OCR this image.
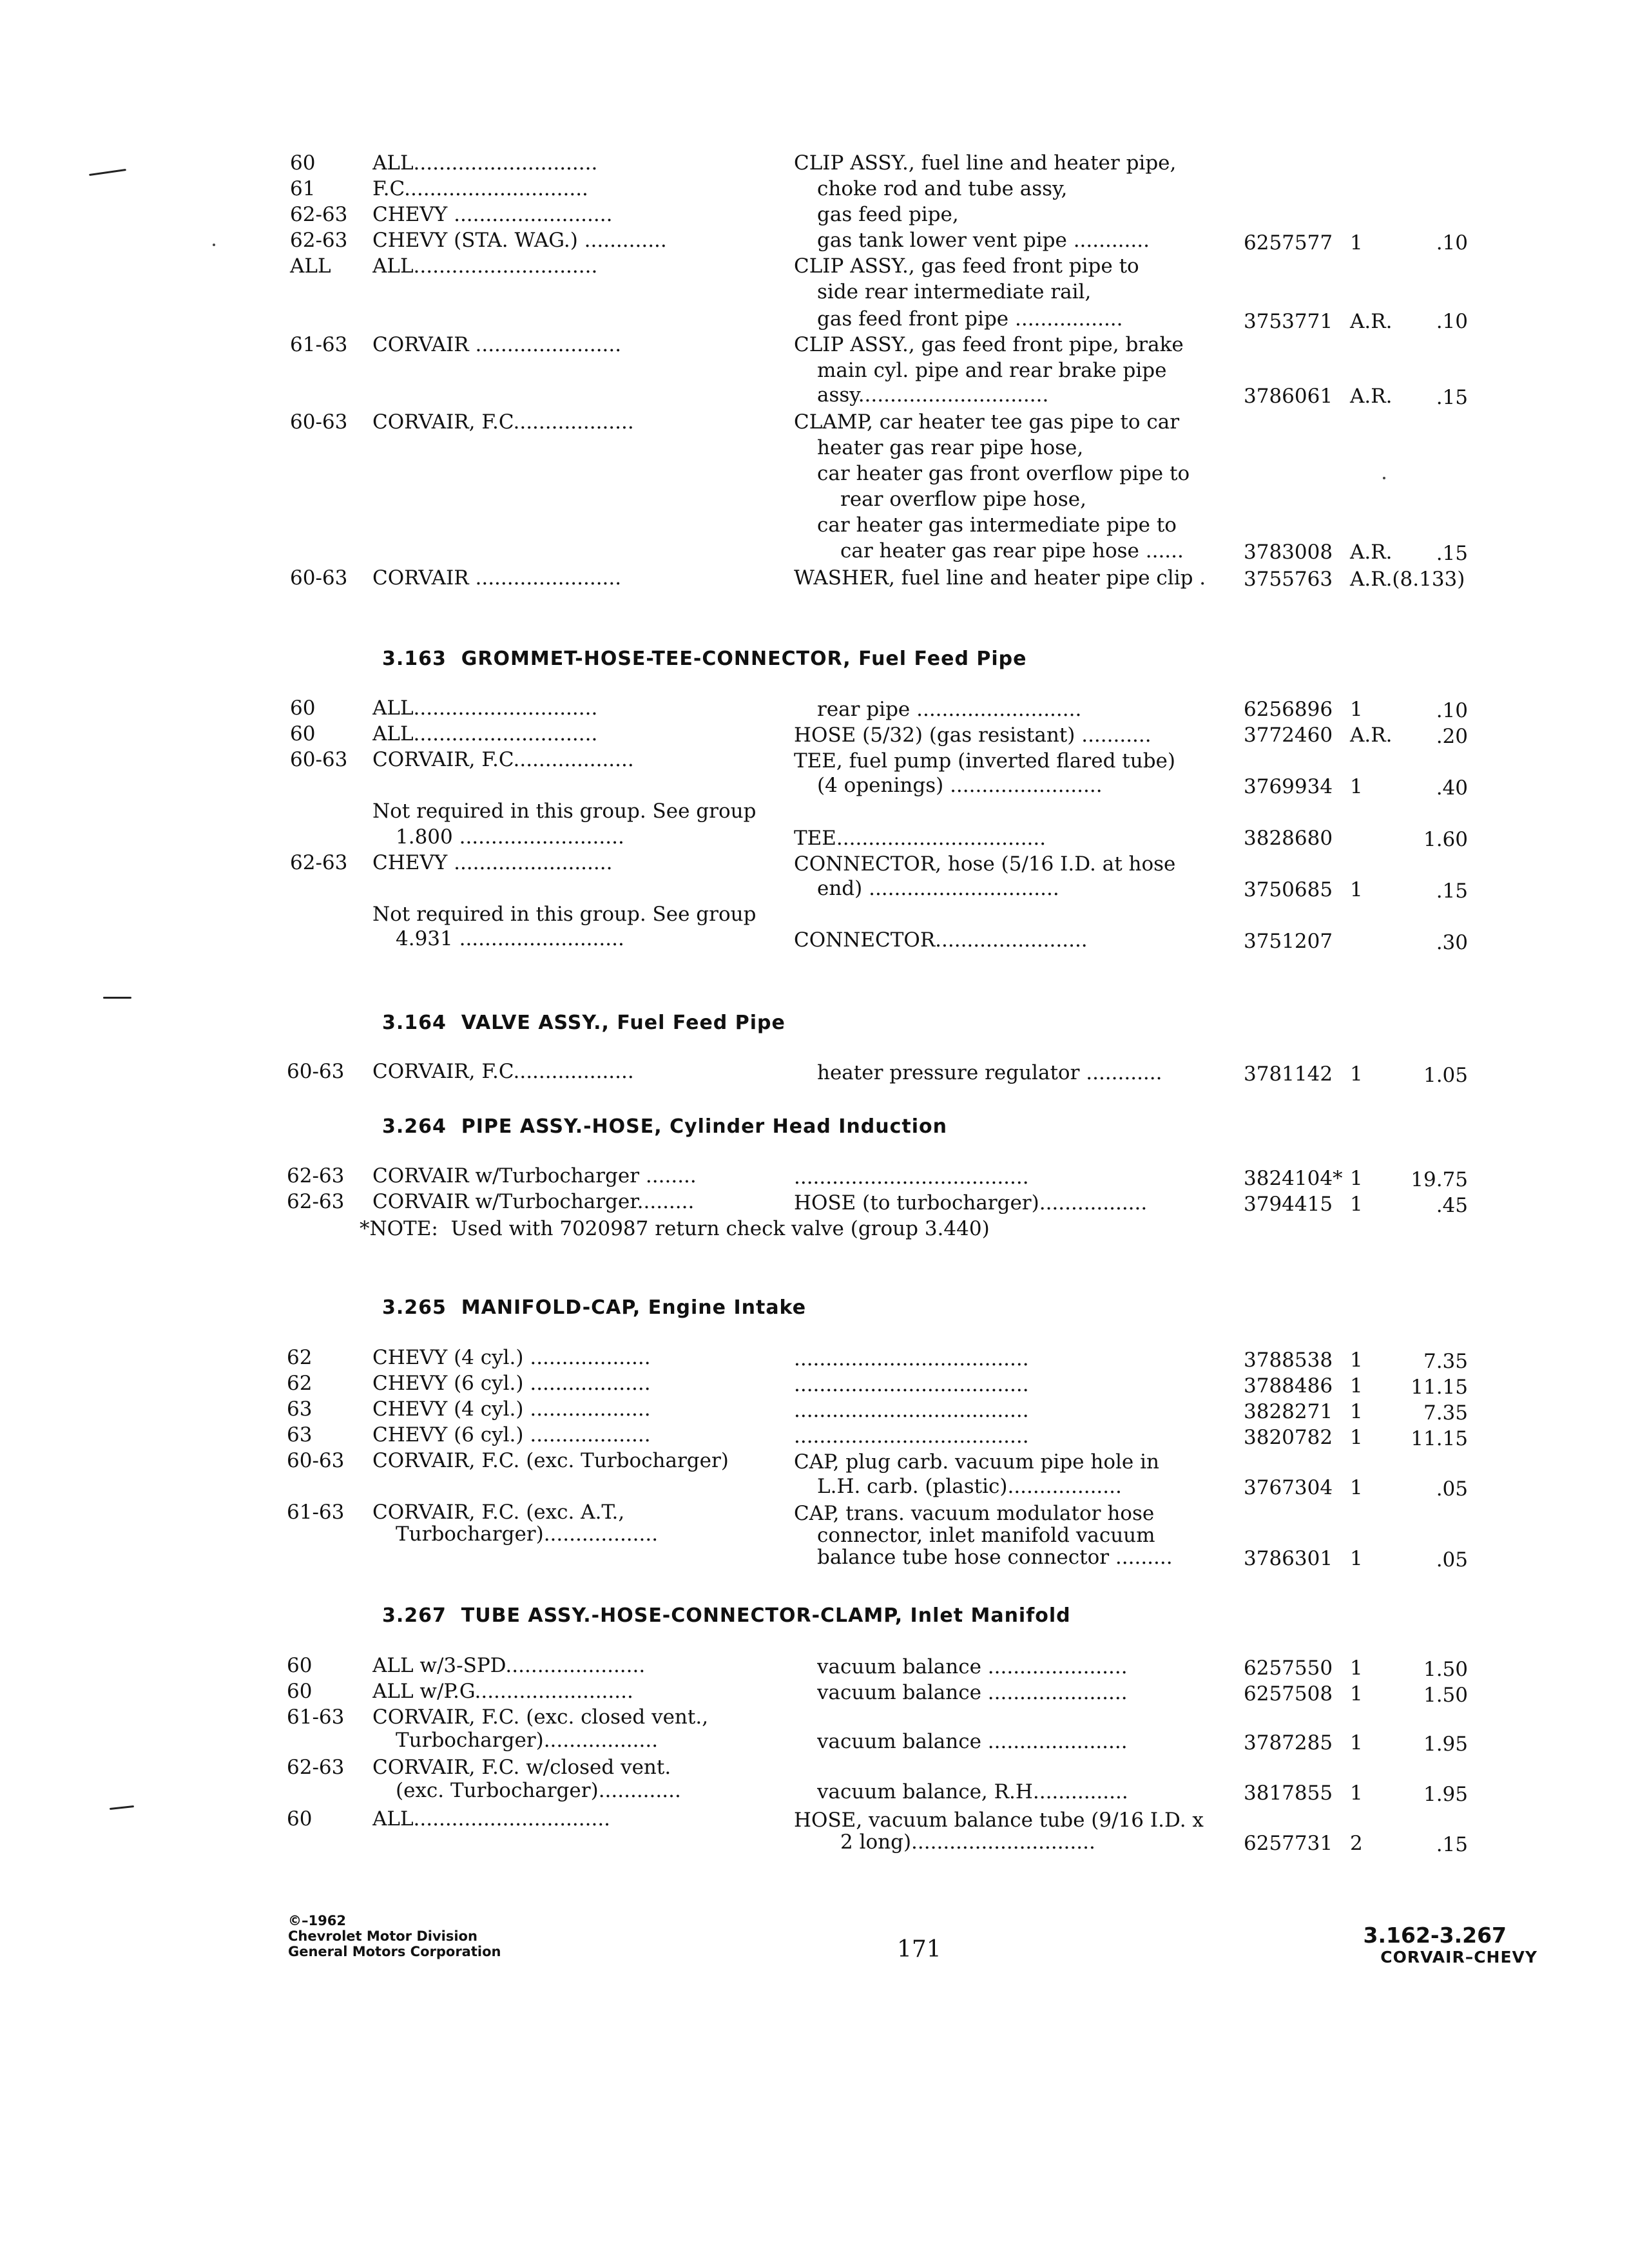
60	ALL.............................	CLIP ASSY., fuel line and heater pipe,
61	F.C.............................	choke rod and tube assy,
62-63 CHEVY .........................	gas feed pipe,
62-63 CHEVY (STA. WAG.) .............	gas tank lower vent pipe ............	6257577 1	.10
ALL ALL.............................	CLIP ASSY., gas feed front pipe to
side rear intermediate rail,
gas feed front pipe .................	3753771 A.R. .10
61-63 CORVAIR .......................	CLIP ASSY., gas feed front pipe, brake
main cyl. pipe and rear brake pipe
assy..............................	3786061 A.R. .15
60-63 CORVAIR, F.C...................	CLAMP, car heater tee gas pipe to car
heater gas rear pipe hose,
car heater gas front overflow pipe to
rear overflow pipe hose,
car heater gas intermediate pipe to
car heater gas rear pipe hose ......	3783008 A.R. .15
60-63 CORVAIR .......................	WASHER, fuel line and heater pipe clip . 3755763 A.R.(8.133)
3.163  GROMMET-HOSE-TEE-CONNECTOR, Fuel Feed Pipe
60	ALL.............................	rear pipe ..........................	6256896 1	.10
60	ALL.............................	HOSE (5/32) (gas resistant) ...........	3772460 A.R. .20
60-63 CORVAIR, F.C...................	TEE, fuel pump (inverted flared tube)
(4 openings) ........................	3769934 1	.40
Not required in this group. See group
1.800 ..........................	TEE.................................	3828680	1.60
62-63 CHEVY .........................	CONNECTOR, hose (5/16 I.D. at hose
end) ..............................	3750685 1	.15
Not required in this group. See group
4.931 ..........................	CONNECTOR........................	3751207	.30
3.164  VALVE ASSY., Fuel Feed Pipe
60-63 CORVAIR, F.C...................	heater pressure regulator ............	3781142 1	1.05
3.264  PIPE ASSY.-HOSE, Cylinder Head Induction
62-63 CORVAIR w/Turbocharger ........	.....................................	3824104* 1 19.75
62-63 CORVAIR w/Turbocharger.........	HOSE (to turbocharger).................	3794415 1	.45
*NOTE:  Used with 7020987 return check valve (group 3.440)
3.265  MANIFOLD-CAP, Engine Intake
62	CHEVY (4 cyl.) ...................	.....................................	3788538 1	7.35
62	CHEVY (6 cyl.) ...................	.....................................	3788486 1 11.15
63	CHEVY (4 cyl.) ...................	.....................................	3828271 1	7.35
63	CHEVY (6 cyl.) ...................	.....................................	3820782 1 11.15
60-63 CORVAIR, F.C. (exc. Turbocharger)	CAP, plug carb. vacuum pipe hole in
L.H. carb. (plastic)..................	3767304 1	.05
61-63 CORVAIR, F.C. (exc. A.T.,	CAP, trans. vacuum modulator hose
Turbocharger)..................	connector, inlet manifold vacuum
balance tube hose connector .........	3786301 1	.05
3.267  TUBE ASSY.-HOSE-CONNECTOR-CLAMP, Inlet Manifold
60	ALL w/3-SPD......................	vacuum balance ......................	6257550 1	1.50
60	ALL w/P.G.........................	vacuum balance ......................	6257508 1	1.50
61-63 CORVAIR, F.C. (exc. closed vent.,
Turbocharger)..................	vacuum balance ......................	3787285 1	1.95
62-63 CORVAIR, F.C. w/closed vent.
(exc. Turbocharger).............	vacuum balance, R.H...............	3817855 1	1.95
60	ALL...............................	HOSE, vacuum balance tube (9/16 I.D. x
2 long).............................	6257731 2	.15
©–1962
Chevrolet Motor Division
General Motors Corporation	171
3.162-3.267
CORVAIR–CHEVY
